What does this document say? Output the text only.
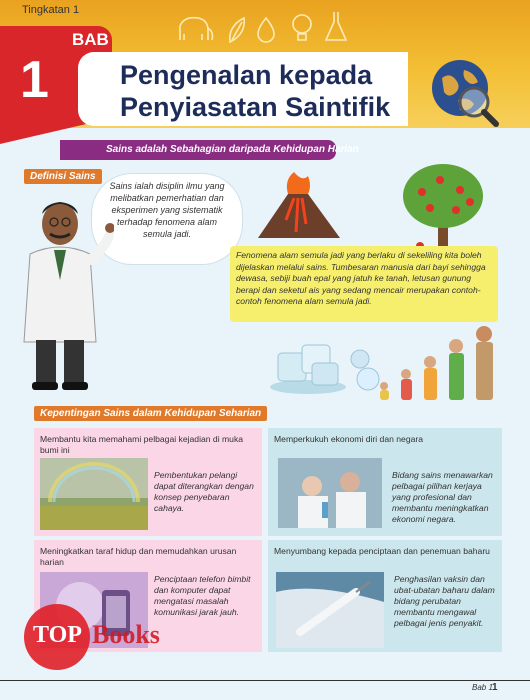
Tingkatan 1
1
BAB
Pengenalan kepada
Penyiasatan Saintifik
Sains adalah Sebahagian daripada Kehidupan Harian
Definisi Sains
Sains ialah disiplin ilmu yang melibatkan pemerhatian dan eksperimen yang sistematik terhadap fenomena alam semula jadi.
Fenomena alam semula jadi yang berlaku di sekeliling kita boleh dijelaskan melalui sains. Tumbesaran manusia dari bayi sehingga dewasa, sebiji buah epal yang jatuh ke tanah, letusan gunung berapi dan seketul ais yang sedang mencair merupakan contoh-contoh fenomena alam semula jadi.
Kepentingan Sains dalam Kehidupan Seharian
Membantu kita memahami pelbagai kejadian di muka bumi ini
Pembentukan pelangi dapat diterangkan dengan konsep penyebaran cahaya.
Memperkukuh ekonomi diri dan negara
Bidang sains menawarkan pelbagai pilihan kerjaya yang profesional dan membantu meningkatkan ekonomi negara.
Meningkatkan taraf hidup dan memudahkan urusan harian
Penciptaan telefon bimbit dan komputer dapat mengatasi masalah komunikasi jarak jauh.
Menyumbang kepada penciptaan dan penemuan baharu
Penghasilan vaksin dan ubat-ubatan baharu dalam bidang perubatan membantu mengawal pelbagai jenis penyakit.
TOP Books
Bab 1 1
